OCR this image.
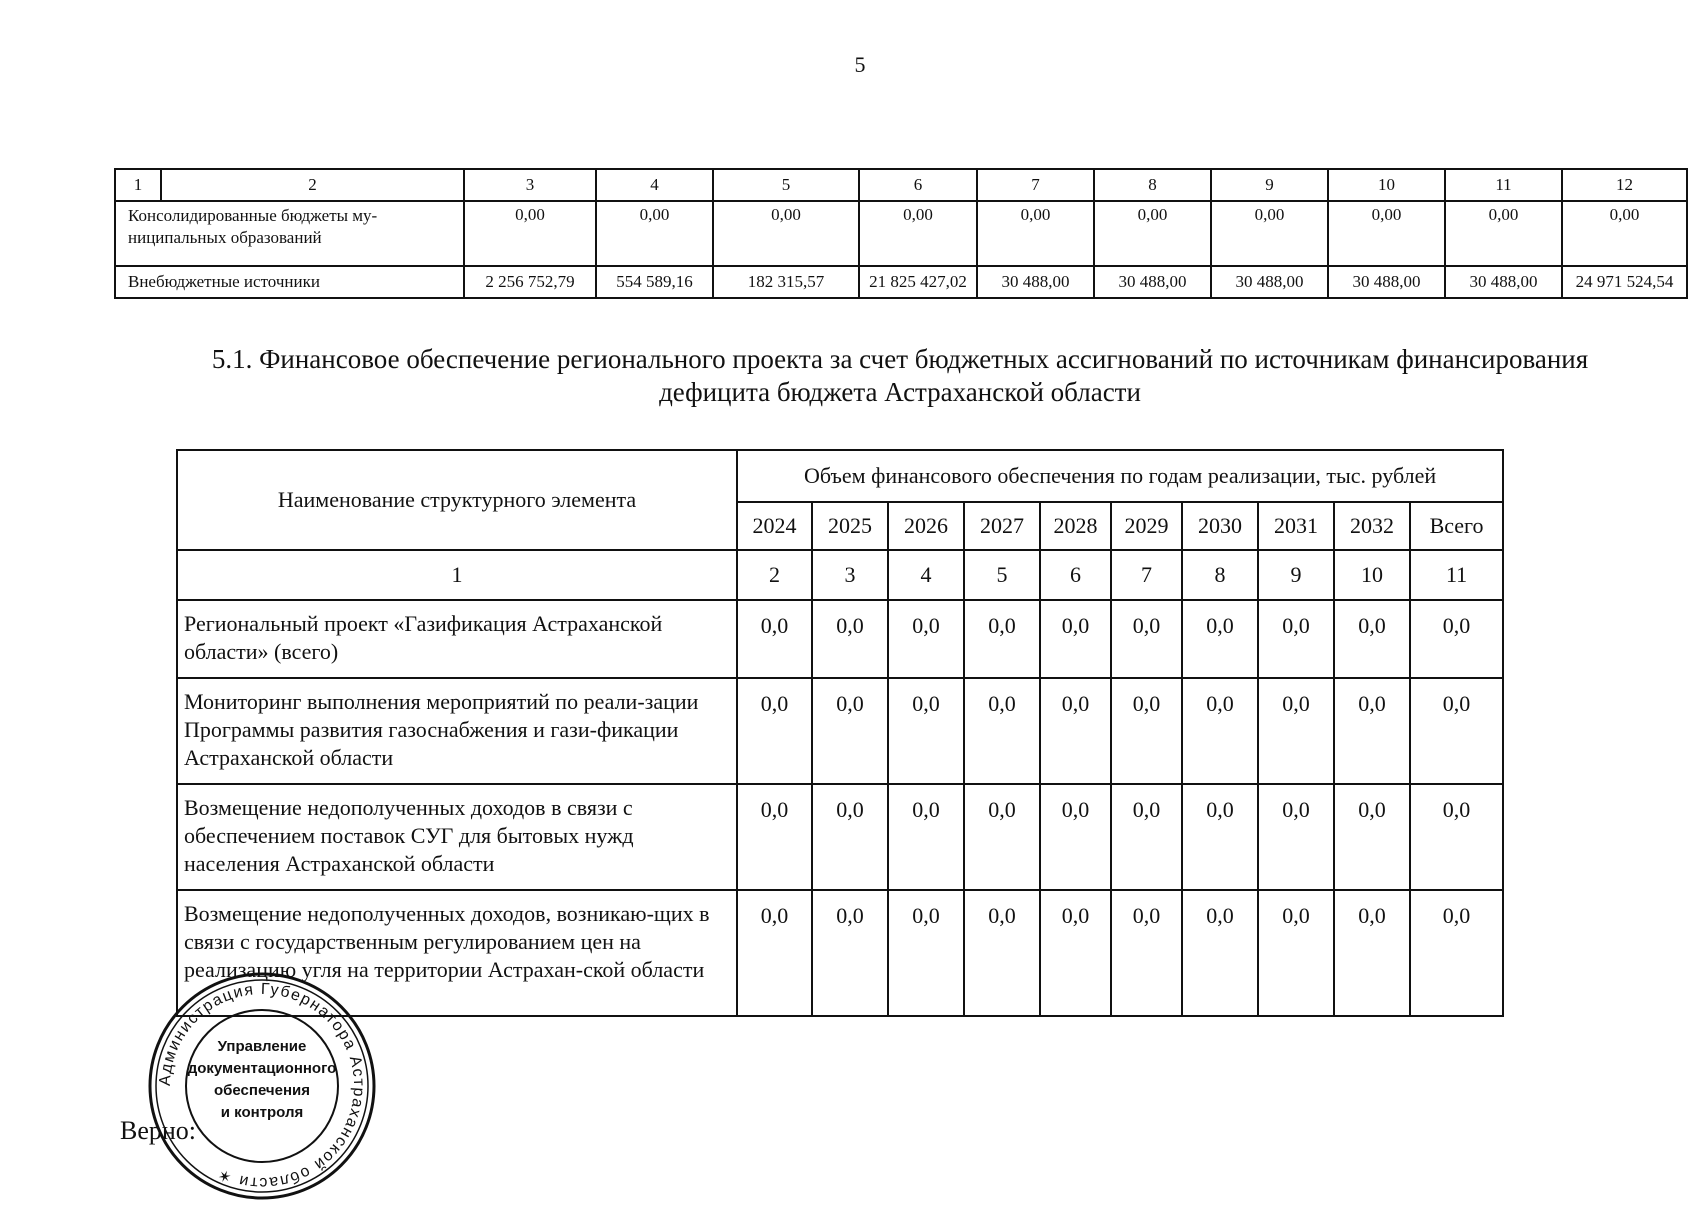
5
1	2	3	4	5	6	7	8	9	10	11	12
Консолидированные бюджеты му-ниципальных образований		0,00	0,00	0,00	0,00	0,00	0,00	0,00	0,00	0,00	0,00
Внебюджетные источники		2 256 752,79	554 589,16	182 315,57	21 825 427,02	30 488,00	30 488,00	30 488,00	30 488,00	30 488,00	24 971 524,54
5.1. Финансовое обеспечение регионального проекта за счет бюджетных ассигнований по источникам финансирования
дефицита бюджета Астраханской области
Наименование структурного элемента	Объем финансового обеспечения по годам реализации, тыс. рублей									
	2024	2025	2026	2027	2028	2029	2030	2031	2032	Всего
1	2	3	4	5	6	7	8	9	10	11
Региональный проект «Газификация Астраханской области» (всего)	0,0	0,0	0,0	0,0	0,0	0,0	0,0	0,0	0,0	0,0
Мониторинг выполнения мероприятий по реали-зации Программы развития газоснабжения и гази-фикации Астраханской области	0,0	0,0	0,0	0,0	0,0	0,0	0,0	0,0	0,0	0,0
Возмещение недополученных доходов в связи с обеспечением поставок СУГ для бытовых нужд населения Астраханской области	0,0	0,0	0,0	0,0	0,0	0,0	0,0	0,0	0,0	0,0
Возмещение недополученных доходов, возникаю-щих в связи с государственным регулированием цен на реализацию угля на территории Астрахан-ской области	0,0	0,0	0,0	0,0	0,0	0,0	0,0	0,0	0,0	0,0
Верно:
Администрация Губернатора Астраханской области ✶
Управление
документационного
обеспечения
и контроля
